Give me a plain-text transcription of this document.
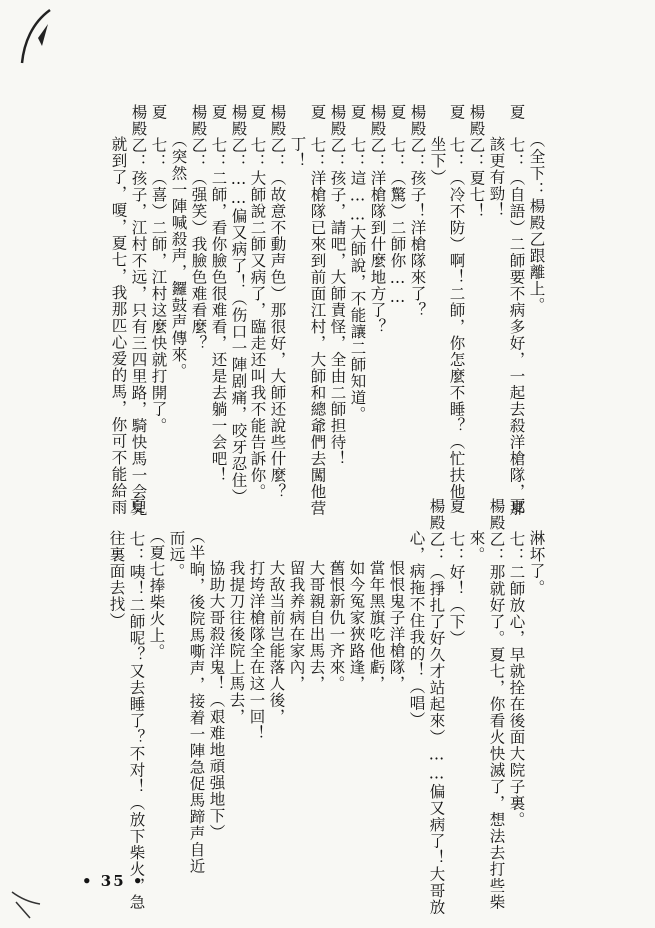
（全下：楊殿乙跟離上。
夏　七：（自語）二師要不病多好，一起去殺洋槍隊，那
該更有勁！
楊殿乙：夏七！
夏　七：（冷不防）啊！二師，你怎麼不睡？（忙扶他
坐下）
楊殿乙：孩子！洋槍隊來了？
夏　七：（驚）二師你……
楊殿乙：洋槍隊到什麼地方了？
夏　七：這……大師說，不能讓二師知道。
楊殿乙：孩子，請吧，大師責怪，全由二師担待！
夏　七：洋槍隊已來到前面江村，大師和總爺們去闖他营
丁！
楊殿乙：（故意不動声色）那很好，大師还說些什麼？
夏　七：大師說二師又病了，臨走还叫我不能告訴你。
楊殿乙：……偏又病了！（伤口一陣剧痛，咬牙忍住）
夏　七：二師，看你臉色很难看，还是去躺一会吧！
楊殿乙：（强笑）我臉色难看麼？
（突然一陣喊殺声，鑼鼓声傳來。
夏　七：（喜）二師，江村这麼快就打開了。
楊殿乙：孩子，江村不远，只有三四里路，騎快馬一会兒
就到了，嗄，夏七，我那匹心爱的馬，你可不能給雨
淋坏了。
夏　七：二師放心，早就拴在後面大院子裏。
楊殿乙：那就好了。夏七，你看火快滅了，想法去打些柴
來。
夏　七：好！（下）
楊殿乙：（掙扎了好久才站起來）……偏又病了！大哥放
心，病拖不住我的！（唱）
恨恨鬼子洋槍隊，
當年黑旗吃他虧，
如今冤家狹路逢，
舊恨新仇一齐來。
大哥親自出馬去，
留我养病在家內，
大敌当前岂能落人後，
打垮洋槍隊全在这一回！
我提刀往後院上馬去，
協助大哥殺洋鬼！（艰难地頑强地下）
（半晌，後院馬嘶声，接着一陣急促馬蹄声自近
而远。
（夏七捧柴火上。
夏　七：咦！二師呢？又去睡了？不对！（放下柴火，急
往裏面去找）
• 35 •
